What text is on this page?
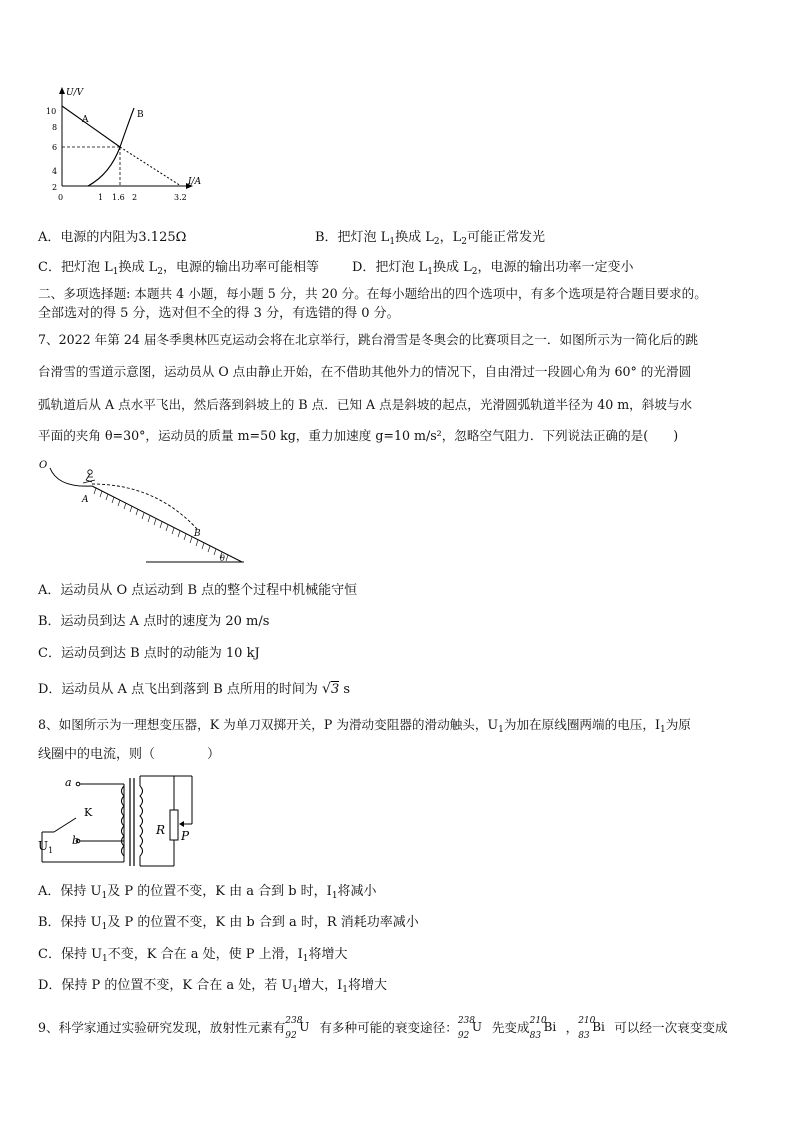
U/V
I/A
10
8
6
4
2
0	1 1.6 2	3.2
A	B
A．电源的内阻为3.125Ω	B．把灯泡 $L_1$换成 $L_2$，$L_2$可能正常发光
C．把灯泡 $L_1$换成 $L_2$，电源的输出功率可能相等	D．把灯泡 $L_1$换成 $L_2$，电源的输出功率一定变小
二、多项选择题: 本题共 4 小题，每小题 5 分，共 20 分。在每小题给出的四个选项中，有多个选项是符合题目要求的。
全部选对的得 5 分，选对但不全的得 3 分，有选错的得 0 分。
7、2022 年第 24 届冬季奥林匹克运动会将在北京举行，跳台滑雪是冬奥会的比赛项目之一．如图所示为一简化后的跳
台滑雪的雪道示意图，运动员从 O 点由静止开始，在不借助其他外力的情况下，自由滑过一段圆心角为 60° 的光滑圆
弧轨道后从 A 点水平飞出，然后落到斜坡上的 B 点．已知 A 点是斜坡的起点，光滑圆弧轨道半径为 40 m，斜坡与水
平面的夹角 θ=30°，运动员的质量 m=50 kg，重力加速度 g=10 m/s²，忽略空气阻力．下列说法正确的是(　　)
O
A
B
θ
A．运动员从 O 点运动到 B 点的整个过程中机械能守恒
B．运动员到达 A 点时的速度为 20 m/s
C．运动员到达 B 点时的动能为 10 kJ
D．运动员从 A 点飞出到落到 B 点所用的时间为 √3 s
8、如图所示为一理想变压器，K 为单刀双掷开关，P 为滑动变阻器的滑动触头，$U_1$为加在原线圈两端的电压，$I_1$为原
线圈中的电流，则（　　　　）
a
K
b
$U_1$
R P
A．保持 $U_1$及 P 的位置不变，K 由 a 合到 b 时，$I_1$将减小
B．保持 $U_1$及 P 的位置不变，K 由 b 合到 a 时，R 消耗功率减小
C．保持 $U_1$不变，K 合在 a 处，使 P 上滑，$I_1$将增大
D．保持 P 的位置不变，K 合在 a 处，若 $U_1$增大，$I_1$将增大
9、科学家通过实验研究发现，放射性元素有 238
92
U 有多种可能的衰变途径： 238
92
U 先变成 210
83
Bi ， 210
83
Bi 可以经一次衰变变成
